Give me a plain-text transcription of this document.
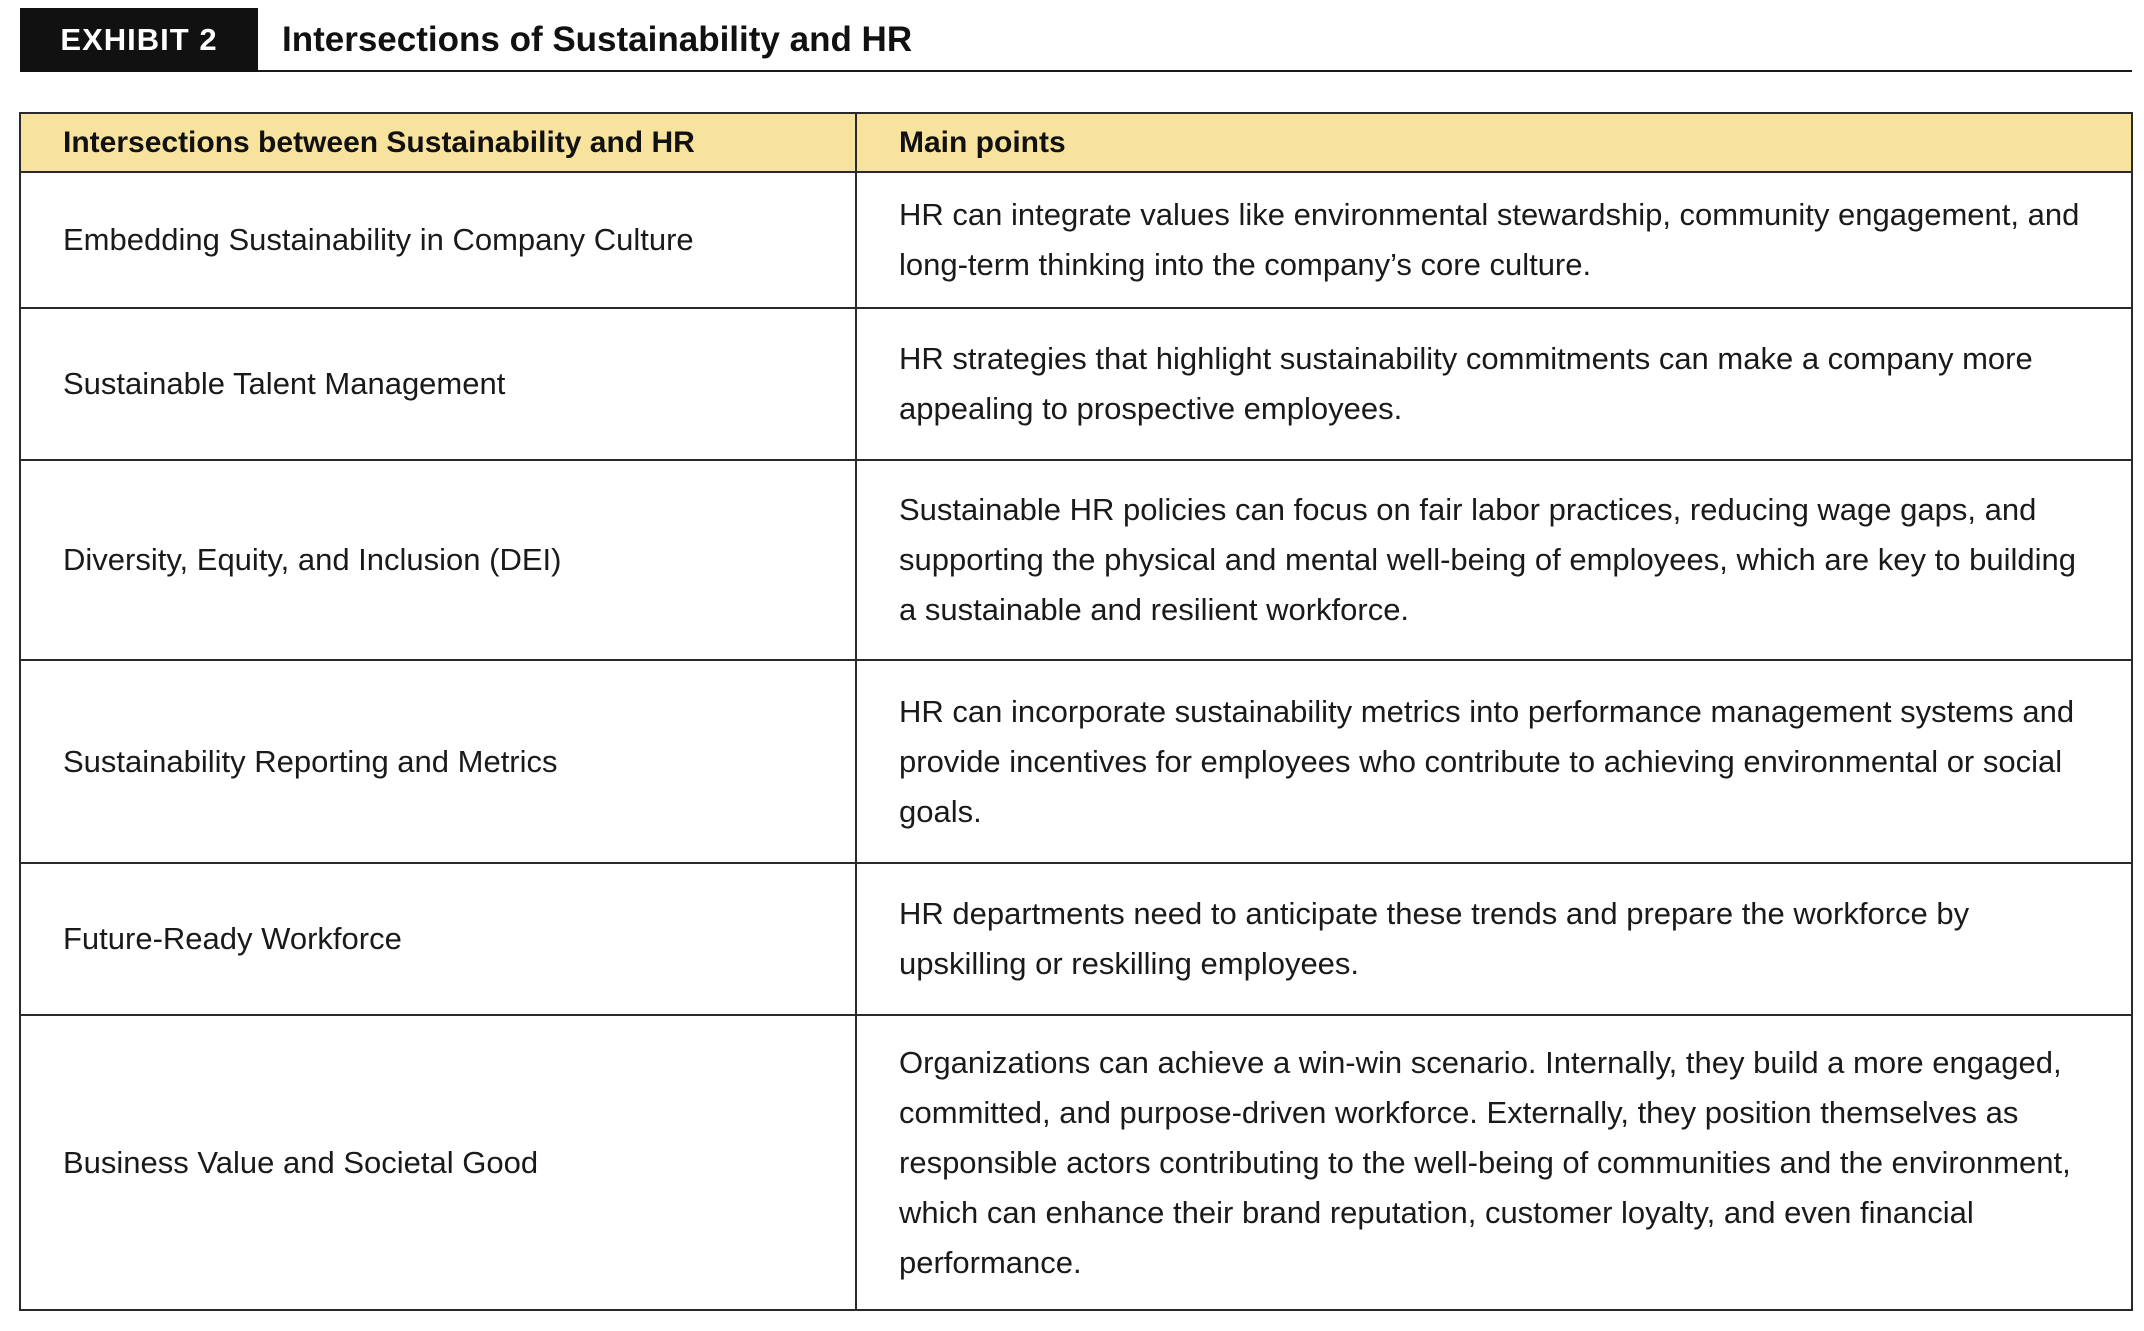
EXHIBIT 2	Intersections of Sustainability and HR
Intersections between Sustainability and HR	Main points
Embedding Sustainability in Company Culture	HR can integrate values like environmental stewardship, community engagement, and long-term thinking into the company’s core culture.
Sustainable Talent Management	HR strategies that highlight sustainability commitments can make a company more appealing to prospective employees.
Diversity, Equity, and Inclusion (DEI)	Sustainable HR policies can focus on fair labor practices, reducing wage gaps, and supporting the physical and mental well-being of employees, which are key to building a sustainable and resilient workforce.
Sustainability Reporting and Metrics	HR can incorporate sustainability metrics into performance management systems and provide incentives for employees who contribute to achieving environmental or social goals.
Future-Ready Workforce	HR departments need to anticipate these trends and prepare the workforce by upskilling or reskilling employees.
Business Value and Societal Good	Organizations can achieve a win-win scenario. Internally, they build a more engaged, committed, and purpose-driven workforce. Externally, they position themselves as responsible actors contributing to the well-being of communities and the environment, which can enhance their brand reputation, customer loyalty, and even financial performance.
